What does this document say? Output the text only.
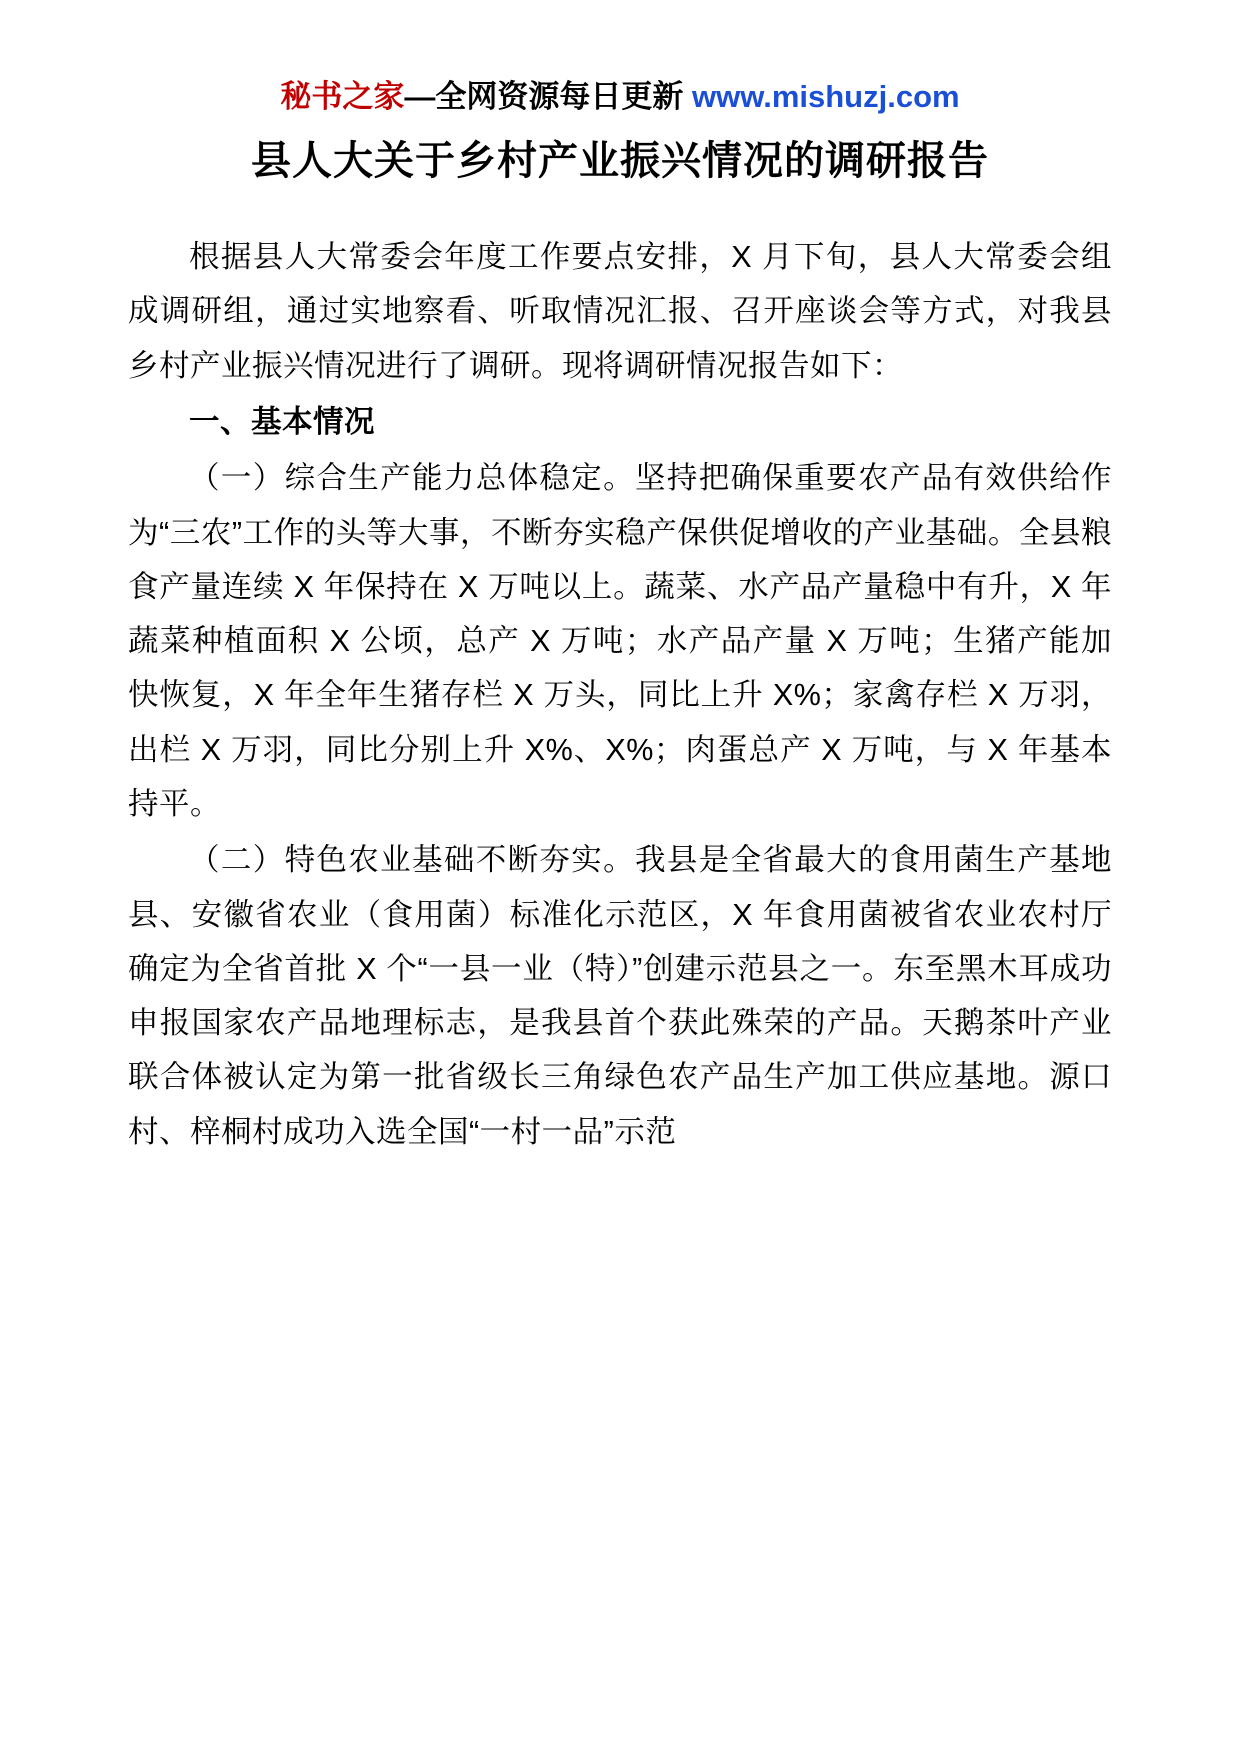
秘书之家—全网资源每日更新 www.mishuzj.com
县人大关于乡村产业振兴情况的调研报告

根据县人大常委会年度工作要点安排，X 月下旬，县人大常委会组成调研组，通过实地察看、听取情况汇报、召开座谈会等方式，对我县乡村产业振兴情况进行了调研。现将调研情况报告如下：

一、基本情况

（一）综合生产能力总体稳定。坚持把确保重要农产品有效供给作为“三农”工作的头等大事，不断夯实稳产保供促增收的产业基础。全县粮食产量连续 X 年保持在 X 万吨以上。蔬菜、水产品产量稳中有升，X 年蔬菜种植面积 X 公顷，总产 X 万吨；水产品产量 X 万吨；生猪产能加快恢复，X 年全年生猪存栏 X 万头，同比上升 X%；家禽存栏 X 万羽，出栏 X 万羽，同比分别上升 X%、X%；肉蛋总产 X 万吨，与 X 年基本持平。

（二）特色农业基础不断夯实。我县是全省最大的食用菌生产基地县、安徽省农业（食用菌）标准化示范区，X 年食用菌被省农业农村厅确定为全省首批 X 个“一县一业（特）”创建示范县之一。东至黑木耳成功申报国家农产品地理标志，是我县首个获此殊荣的产品。天鹅茶叶产业联合体被认定为第一批省级长三角绿色农产品生产加工供应基地。源口村、梓桐村成功入选全国“一村一品”示范
